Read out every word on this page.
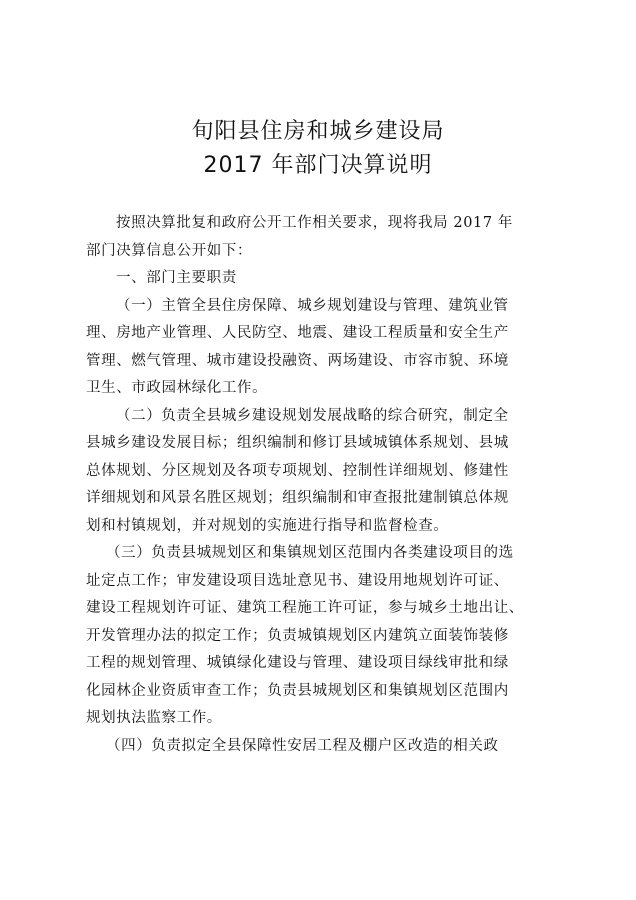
旬阳县住房和城乡建设局
2017 年部门决算说明
按照决算批复和政府公开工作相关要求，现将我局 2017 年
部门决算信息公开如下：
一、部门主要职责
（一）主管全县住房保障、城乡规划建设与管理、建筑业管
理、房地产业管理、人民防空、地震、建设工程质量和安全生产
管理、燃气管理、城市建设投融资、两场建设、市容市貌、环境
卫生、市政园林绿化工作。
（二）负责全县城乡建设规划发展战略的综合研究，制定全
县城乡建设发展目标；组织编制和修订县域城镇体系规划、县城
总体规划、分区规划及各项专项规划、控制性详细规划、修建性
详细规划和风景名胜区规划；组织编制和审查报批建制镇总体规
划和村镇规划，并对规划的实施进行指导和监督检查。
（三）负责县城规划区和集镇规划区范围内各类建设项目的选
址定点工作；审发建设项目选址意见书、建设用地规划许可证、
建设工程规划许可证、建筑工程施工许可证，参与城乡土地出让、
开发管理办法的拟定工作；负责城镇规划区内建筑立面装饰装修
工程的规划管理、城镇绿化建设与管理、建设项目绿线审批和绿
化园林企业资质审查工作；负责县城规划区和集镇规划区范围内
规划执法监察工作。
（四）负责拟定全县保障性安居工程及棚户区改造的相关政
